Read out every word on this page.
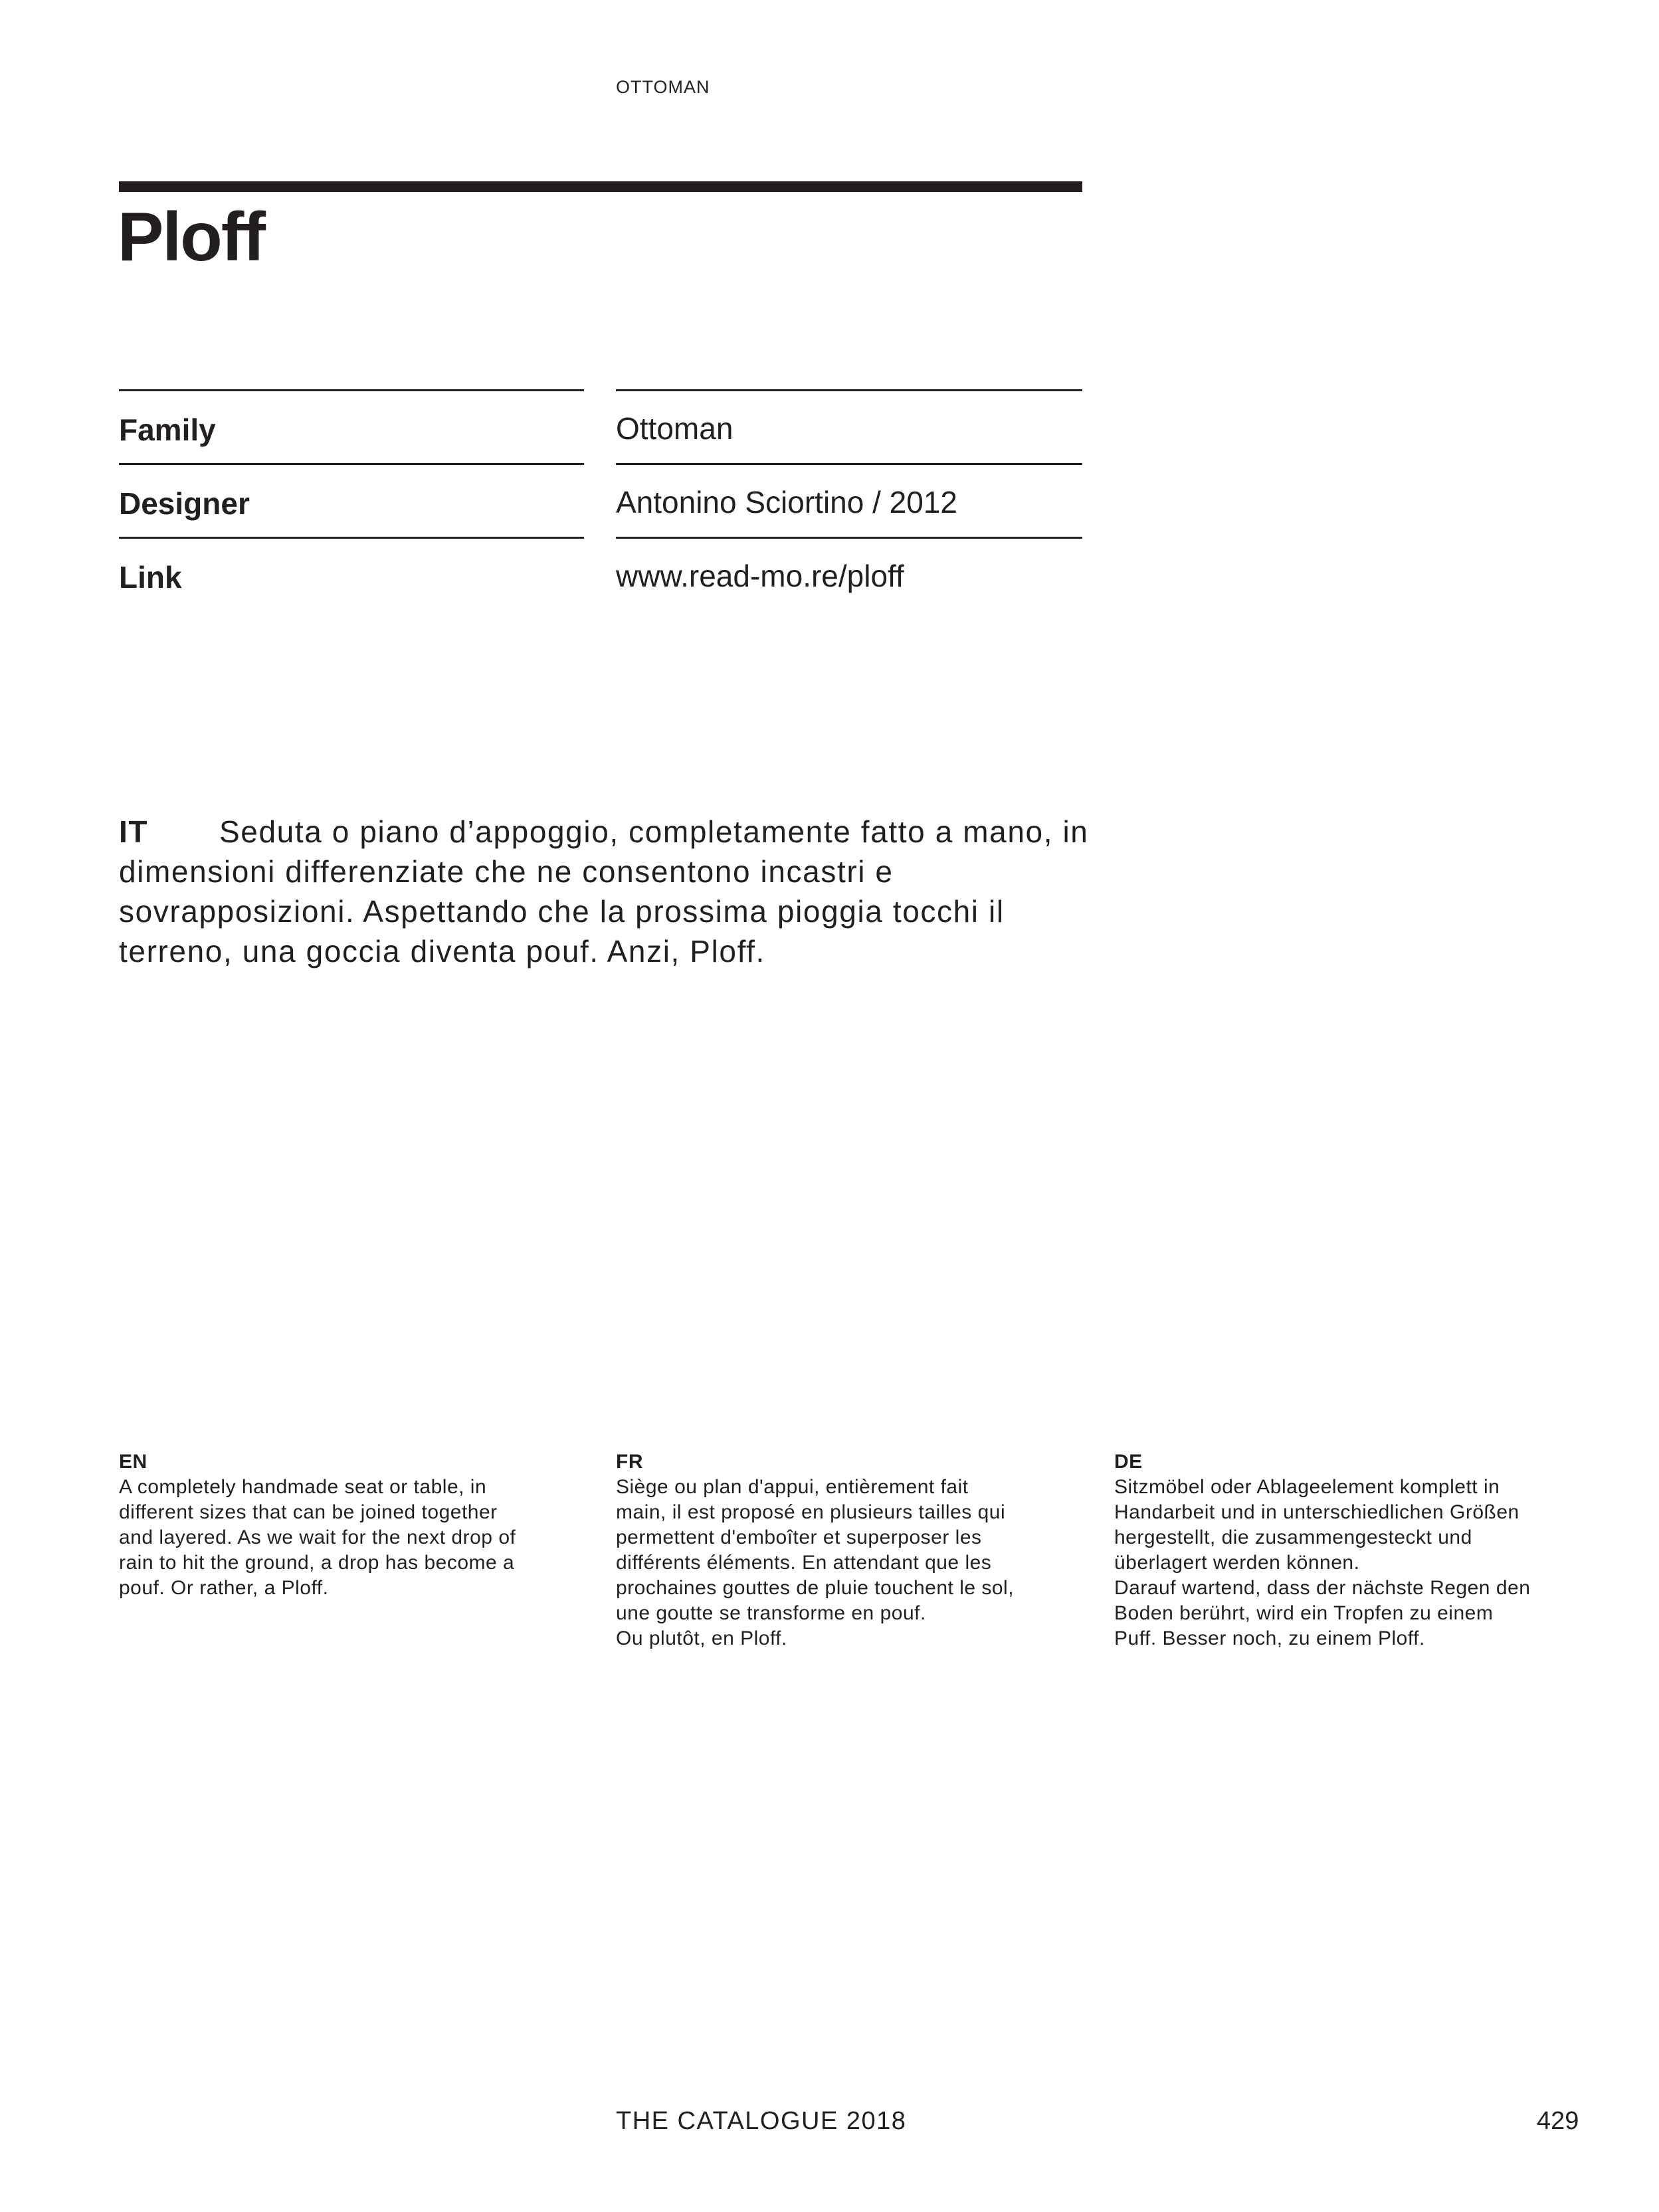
OTTOMAN
Ploff
Family	Ottoman
Designer	Antonino Sciortino / 2012
Link	www.read-mo.re/ploff
IT Seduta o piano d’appoggio, completamente fatto a mano, in dimensioni differenziate che ne consentono incastri e sovrapposizioni. Aspettando che la prossima pioggia tocchi il terreno, una goccia diventa pouf. Anzi, Ploff.
EN
A completely handmade seat or table, in
different sizes that can be joined together
and layered. As we wait for the next drop of
rain to hit the ground, a drop has become a
pouf. Or rather, a Ploff.
FR
Siège ou plan d'appui, entièrement fait
main, il est proposé en plusieurs tailles qui
permettent d'emboîter et superposer les
différents éléments. En attendant que les
prochaines gouttes de pluie touchent le sol,
une goutte se transforme en pouf.
Ou plutôt, en Ploff.
DE
Sitzmöbel oder Ablageelement komplett in
Handarbeit und in unterschiedlichen Größen
hergestellt, die zusammengesteckt und
überlagert werden können.
Darauf wartend, dass der nächste Regen den
Boden berührt, wird ein Tropfen zu einem
Puff. Besser noch, zu einem Ploff.
THE CATALOGUE 2018	429
